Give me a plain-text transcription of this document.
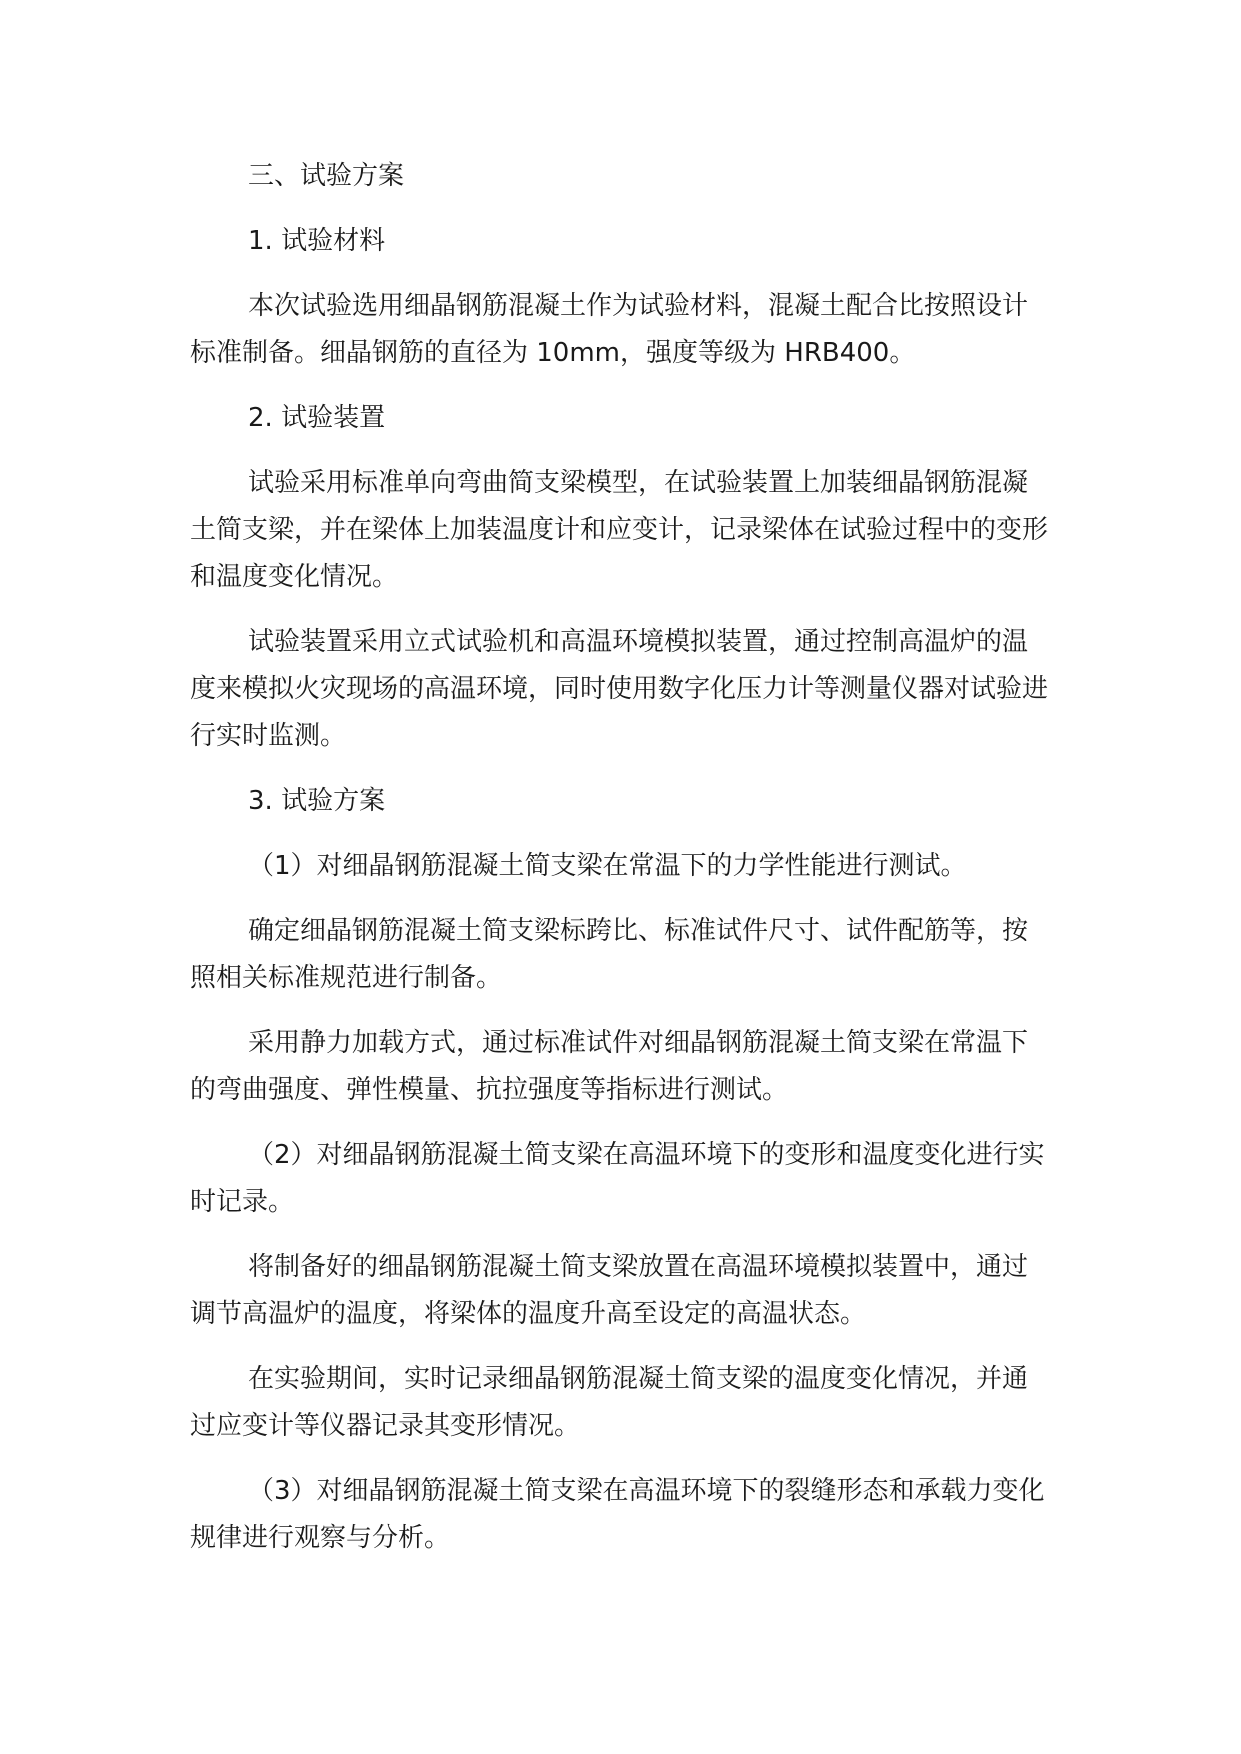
三、试验方案

1. 试验材料

本次试验选用细晶钢筋混凝土作为试验材料，混凝土配合比按照设计标准制备。细晶钢筋的直径为 10mm，强度等级为 HRB400。

2. 试验装置

试验采用标准单向弯曲简支梁模型，在试验装置上加装细晶钢筋混凝土简支梁，并在梁体上加装温度计和应变计，记录梁体在试验过程中的变形和温度变化情况。

试验装置采用立式试验机和高温环境模拟装置，通过控制高温炉的温度来模拟火灾现场的高温环境，同时使用数字化压力计等测量仪器对试验进行实时监测。

3. 试验方案

（1）对细晶钢筋混凝土简支梁在常温下的力学性能进行测试。

确定细晶钢筋混凝土简支梁标跨比、标准试件尺寸、试件配筋等，按照相关标准规范进行制备。

采用静力加载方式，通过标准试件对细晶钢筋混凝土简支梁在常温下的弯曲强度、弹性模量、抗拉强度等指标进行测试。

（2）对细晶钢筋混凝土简支梁在高温环境下的变形和温度变化进行实时记录。

将制备好的细晶钢筋混凝土简支梁放置在高温环境模拟装置中，通过调节高温炉的温度，将梁体的温度升高至设定的高温状态。

在实验期间，实时记录细晶钢筋混凝土简支梁的温度变化情况，并通过应变计等仪器记录其变形情况。

（3）对细晶钢筋混凝土简支梁在高温环境下的裂缝形态和承载力变化规律进行观察与分析。
